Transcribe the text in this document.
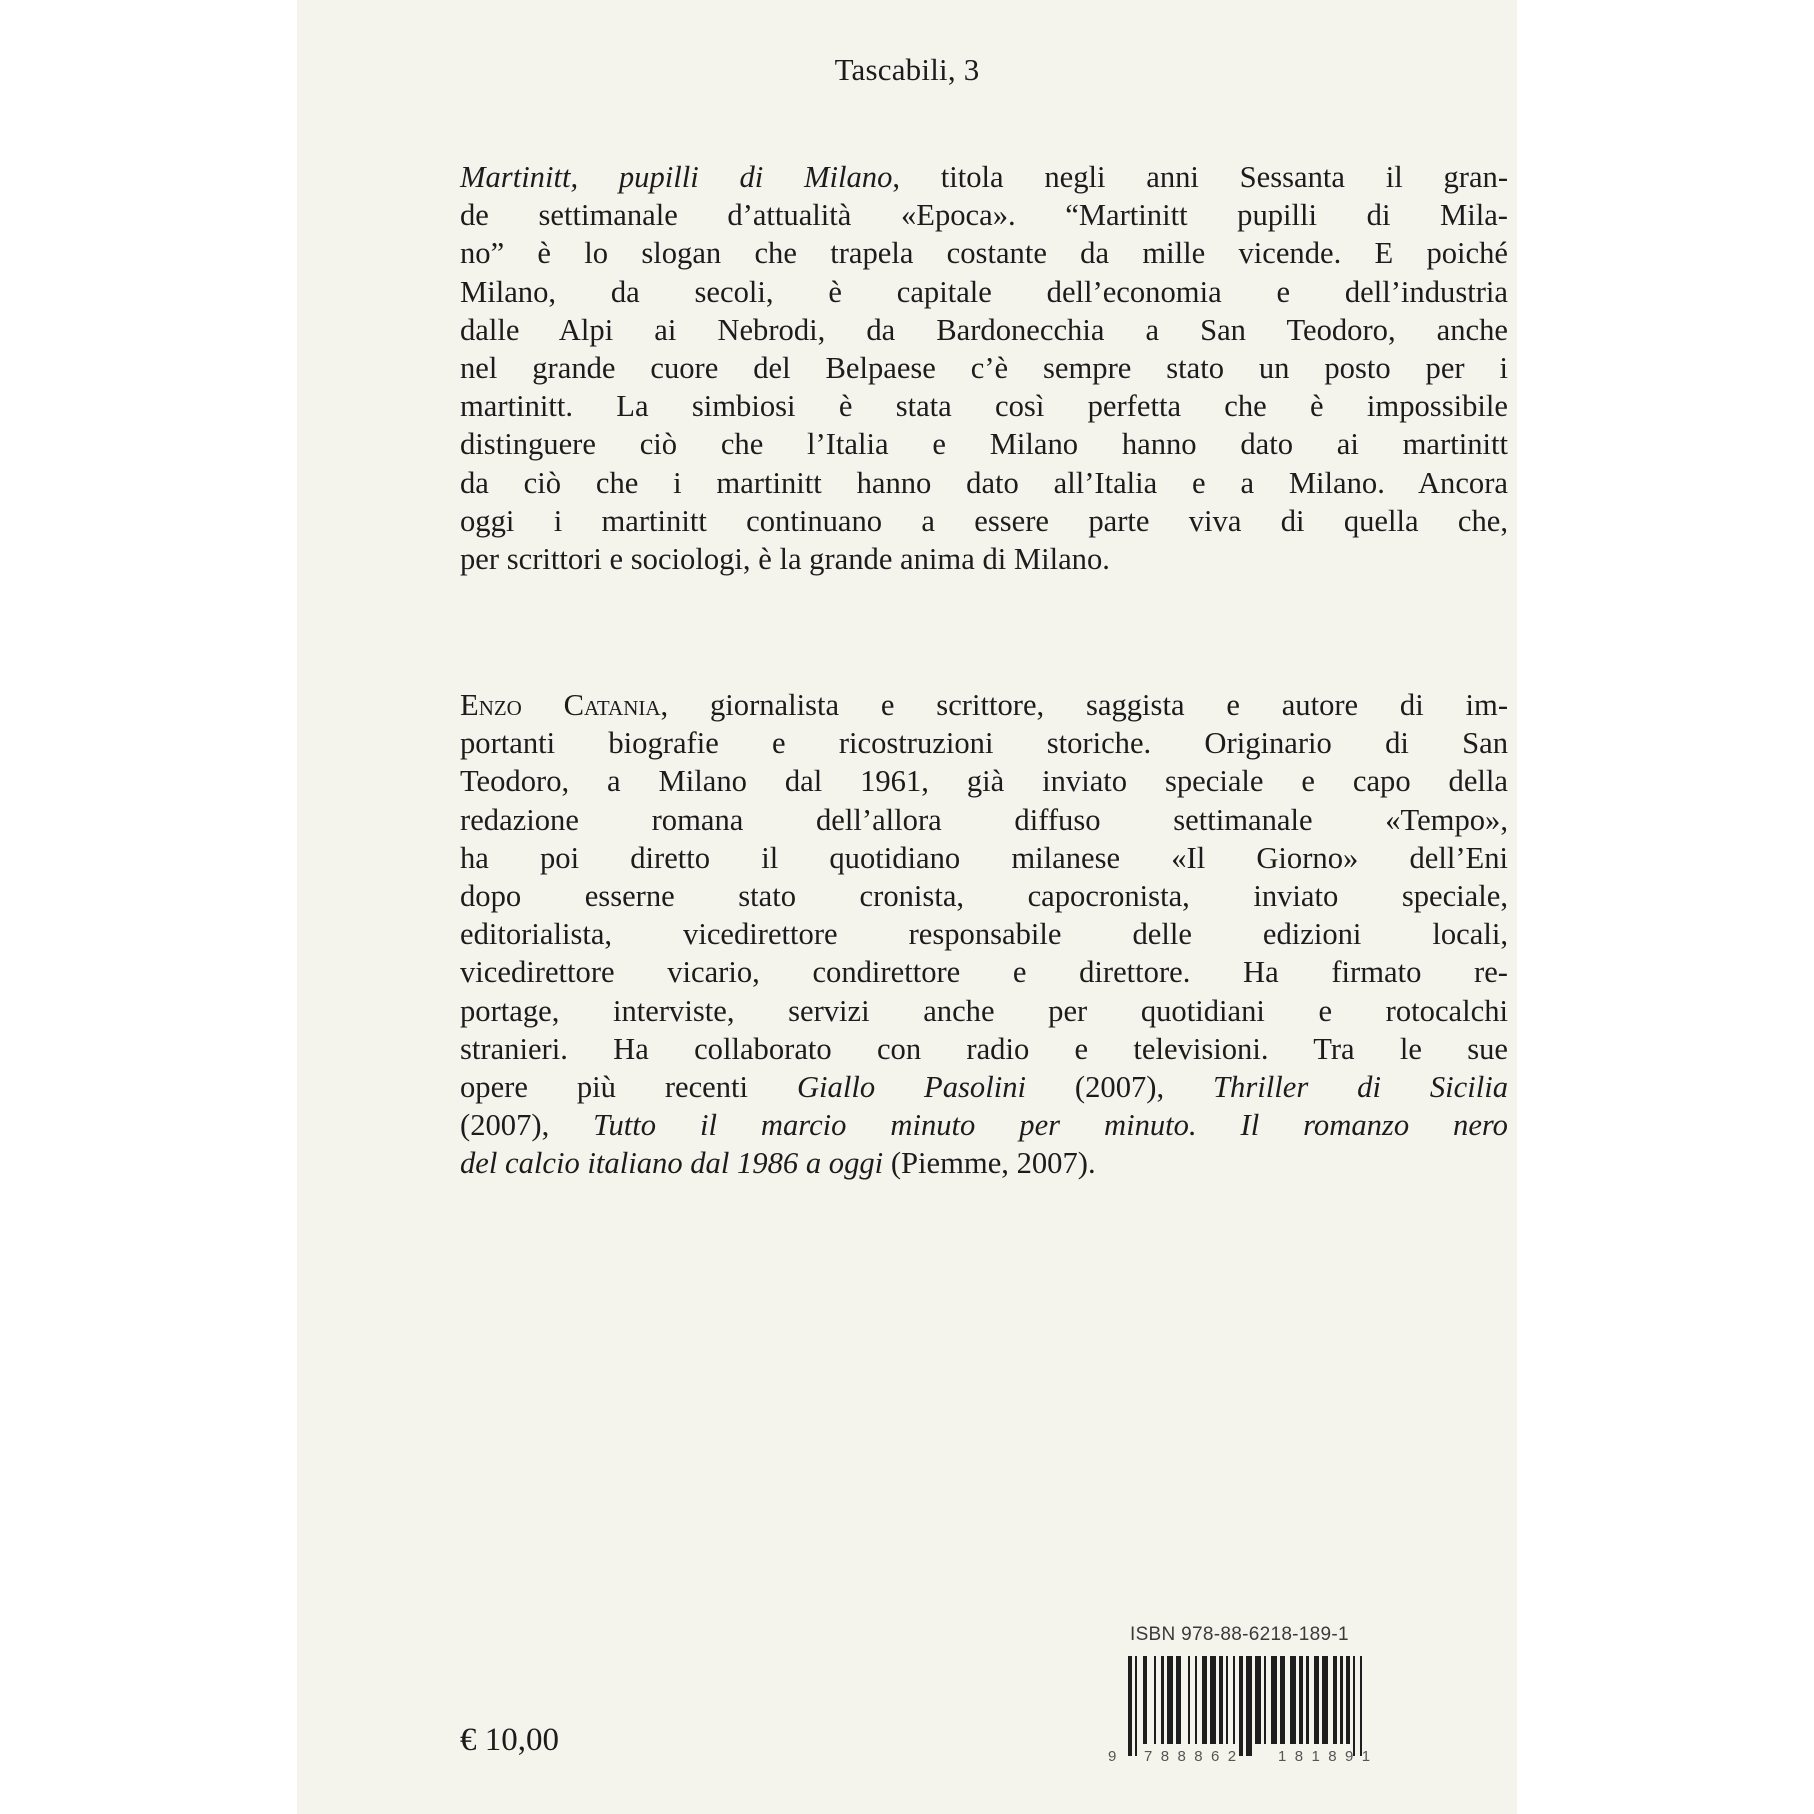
Tascabili, 3
Martinitt, pupilli di Milano, titola negli anni Sessanta il gran-
de settimanale d’attualità «Epoca». “Martinitt pupilli di Mila-
no” è lo slogan che trapela costante da mille vicende. E poiché
Milano, da secoli, è capitale dell’economia e dell’industria
dalle Alpi ai Nebrodi, da Bardonecchia a San Teodoro, anche
nel grande cuore del Belpaese c’è sempre stato un posto per i
martinitt. La simbiosi è stata così perfetta che è impossibile
distinguere ciò che l’Italia e Milano hanno dato ai martinitt
da ciò che i martinitt hanno dato all’Italia e a Milano. Ancora
oggi i martinitt continuano a essere parte viva di quella che,
per scrittori e sociologi, è la grande anima di Milano.
Enzo Catania, giornalista e scrittore, saggista e autore di im-
portanti biografie e ricostruzioni storiche. Originario di San
Teodoro, a Milano dal 1961, già inviato speciale e capo della
redazione romana dell’allora diffuso settimanale «Tempo»,
ha poi diretto il quotidiano milanese «Il Giorno» dell’Eni
dopo esserne stato cronista, capocronista, inviato speciale,
editorialista, vicedirettore responsabile delle edizioni locali,
vicedirettore vicario, condirettore e direttore. Ha firmato re-
portage, interviste, servizi anche per quotidiani e rotocalchi
stranieri. Ha collaborato con radio e televisioni. Tra le sue
opere più recenti Giallo Pasolini (2007), Thriller di Sicilia
(2007), Tutto il marcio minuto per minuto. Il romanzo nero
del calcio italiano dal 1986 a oggi (Piemme, 2007).
€ 10,00
ISBN 978-88-6218-189-1
9 788862 181891
